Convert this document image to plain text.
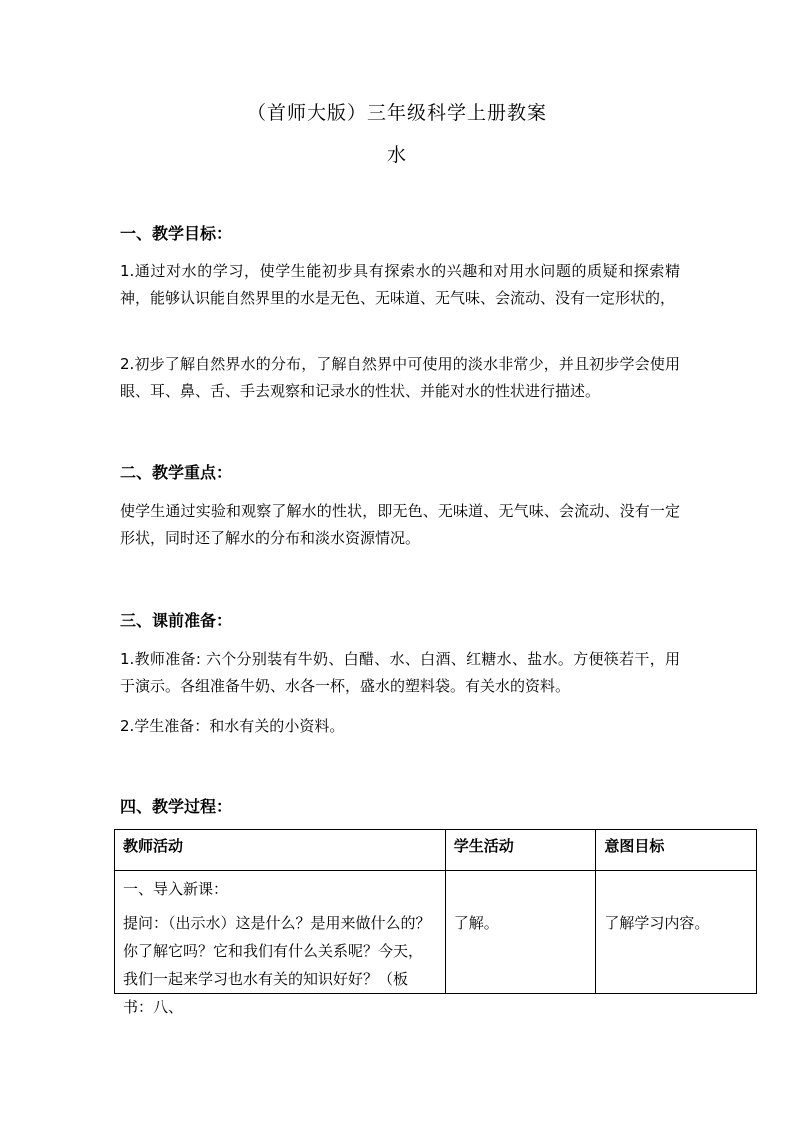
（首师大版）三年级科学上册教案
水
一、教学目标：

1.通过对水的学习，使学生能初步具有探索水的兴趣和对用水问题的质疑和探索精神，能够认识能自然界里的水是无色、无味道、无气味、会流动、没有一定形状的，

2.初步了解自然界水的分布，了解自然界中可使用的淡水非常少，并且初步学会使用眼、耳、鼻、舌、手去观察和记录水的性状、并能对水的性状进行描述。

二、教学重点：

使学生通过实验和观察了解水的性状，即无色、无味道、无气味、会流动、没有一定形状，同时还了解水的分布和淡水资源情况。

三、课前准备：

1.教师准备: 六个分别装有牛奶、白醋、水、白酒、红糖水、盐水。方便筷若干，用于演示。各组准备牛奶、水各一杯，盛水的塑料袋。有关水的资料。

2.学生准备：和水有关的小资料。

四、教学过程：
教师活动	学生活动	意图目标

一、导入新课：

提问：（出示水）这是什么？是用来做什么的？你了解它吗？它和我们有什么关系呢？今天，我们一起来学习也水有关的知识好好？（板书：八、	了解。	了解学习内容。
